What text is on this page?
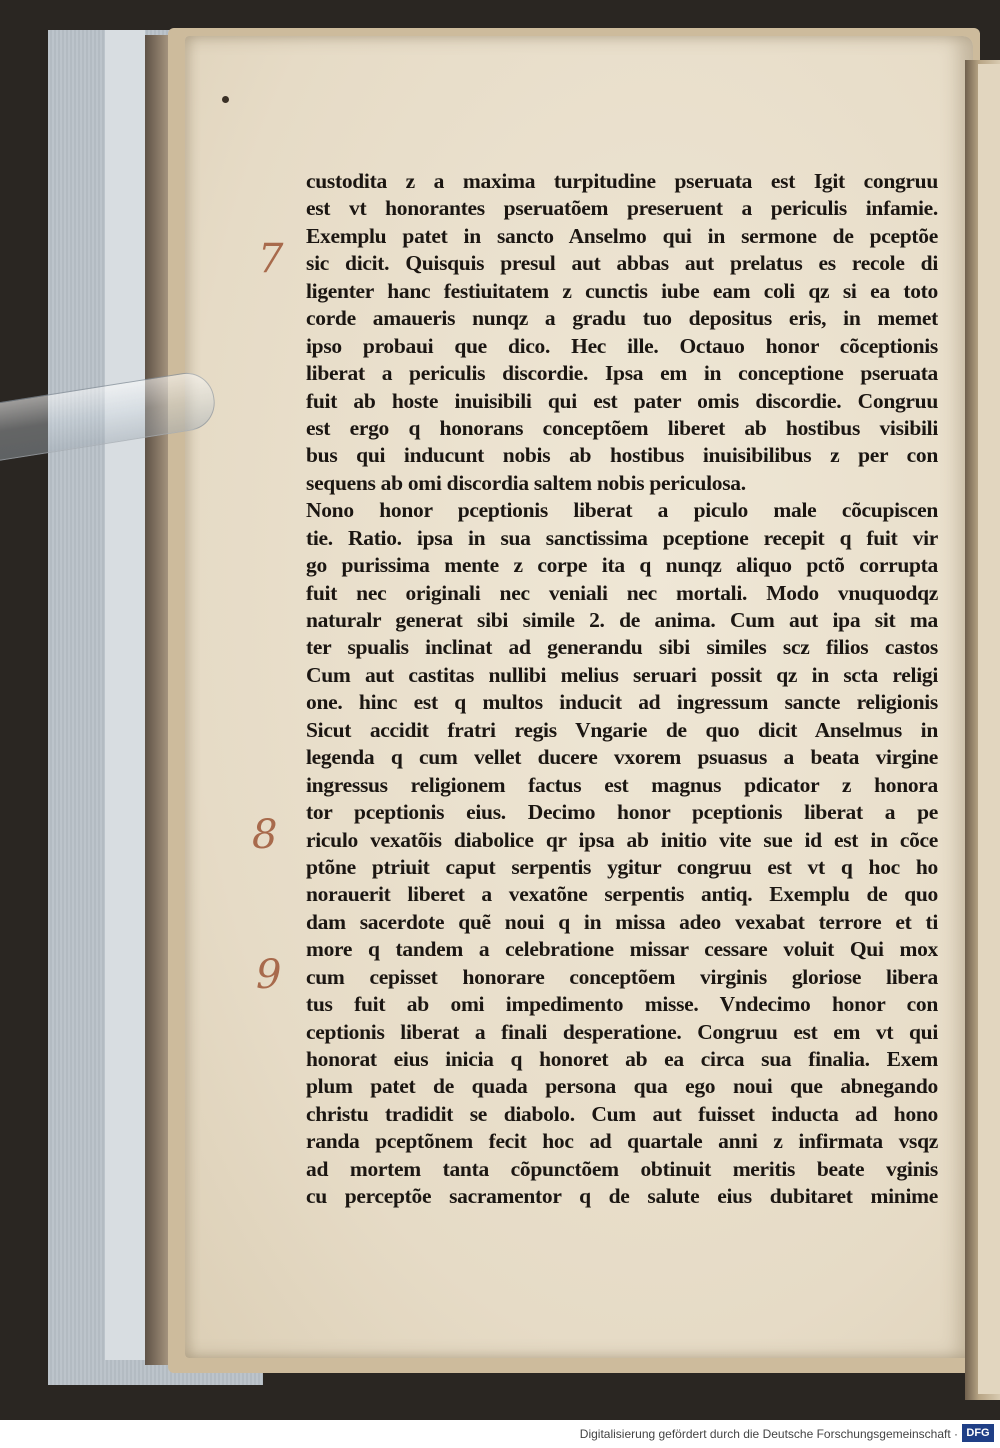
custodita z a maxima turpitudine pseruata est Igit congruu
est vt honorantes pseruatõem preseruent a periculis infamie.
Exemplu patet in sancto Anselmo qui in sermone de pceptõe
sic dicit. Quisquis presul aut abbas aut prelatus es recole di
ligenter hanc festiuitatem z cunctis iube eam coli qz si ea toto
corde amaueris nunqz a gradu tuo depositus eris, in memet
ipso probaui que dico. Hec ille. Octauo honor cõceptionis
liberat a periculis discordie. Ipsa em in conceptione pseruata
fuit ab hoste inuisibili qui est pater omis discordie. Congruu
est ergo q honorans conceptõem liberet ab hostibus visibili
bus qui inducunt nobis ab hostibus inuisibilibus z per con
sequens ab omi discordia saltem nobis periculosa.
Nono honor pceptionis liberat a piculo male cõcupiscen
tie. Ratio. ipsa in sua sanctissima pceptione recepit q fuit vir
go purissima mente z corpe ita q nunqz aliquo pctõ corrupta
fuit nec originali nec veniali nec mortali. Modo vnuquodqz
naturalr generat sibi simile 2. de anima. Cum aut ipa sit ma
ter spualis inclinat ad generandu sibi similes scz filios castos
Cum aut castitas nullibi melius seruari possit qz in scta religi
one. hinc est q multos inducit ad ingressum sancte religionis
Sicut accidit fratri regis Vngarie de quo dicit Anselmus in
legenda q cum vellet ducere vxorem psuasus a beata virgine
ingressus religionem factus est magnus pdicator z honora
tor pceptionis eius. Decimo honor pceptionis liberat a pe
riculo vexatõis diabolice qr ipsa ab initio vite sue id est in cõce
ptõne ptriuit caput serpentis ygitur congruu est vt q hoc ho
norauerit liberet a vexatõne serpentis antiq. Exemplu de quo
dam sacerdote quẽ noui q in missa adeo vexabat terrore et ti
more q tandem a celebratione missar cessare voluit Qui mox
cum cepisset honorare conceptõem virginis gloriose libera
tus fuit ab omi impedimento misse. Vndecimo honor con
ceptionis liberat a finali desperatione. Congruu est em vt qui
honorat eius inicia q honoret ab ea circa sua finalia. Exem
plum patet de quada persona qua ego noui que abnegando
christu tradidit se diabolo. Cum aut fuisset inducta ad hono
randa pceptõnem fecit hoc ad quartale anni z infirmata vsqz
ad mortem tanta cõpunctõem obtinuit meritis beate vginis
cu perceptõe sacramentor q de salute eius dubitaret minime
7
8
9
Digitalisierung gefördert durch die Deutsche Forschungsgemeinschaft · DFG
